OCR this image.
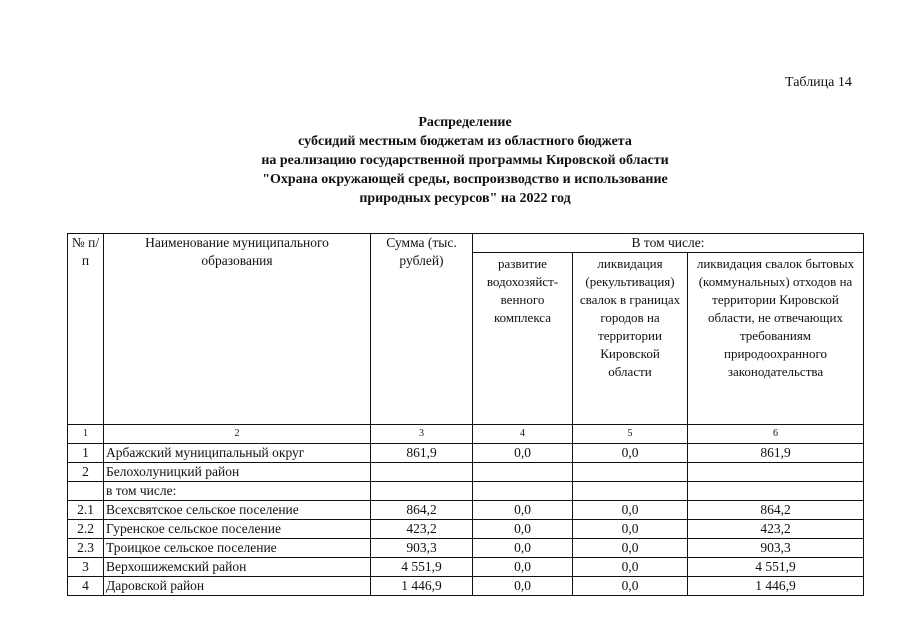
Таблица 14
Распределение
субсидий местным бюджетам из областного бюджета
на реализацию государственной программы Кировской области
"Охрана окружающей среды, воспроизводство и использование
природных ресурсов" на 2022 год
№ п/п	Наименование муниципального образования	Сумма (тыс. рублей)	В том числе:		
			развитие водохозяйст-венного комплекса	ликвидация (рекультивация) свалок в границах городов на территории Кировской области	ликвидация свалок бытовых (коммунальных) отходов на территории Кировской области, не отвечающих требованиям природоохранного законодательства
1	2	3	4	5	6
1	Арбажский муниципальный округ	861,9	0,0	0,0	861,9
2	Белохолуницкий район				
	в том числе:				
2.1	Всехсвятское сельское поселение	864,2	0,0	0,0	864,2
2.2	Гуренское сельское поселение	423,2	0,0	0,0	423,2
2.3	Троицкое сельское поселение	903,3	0,0	0,0	903,3
3	Верхошижемский район	4 551,9	0,0	0,0	4 551,9
4	Даровской район	1 446,9	0,0	0,0	1 446,9
